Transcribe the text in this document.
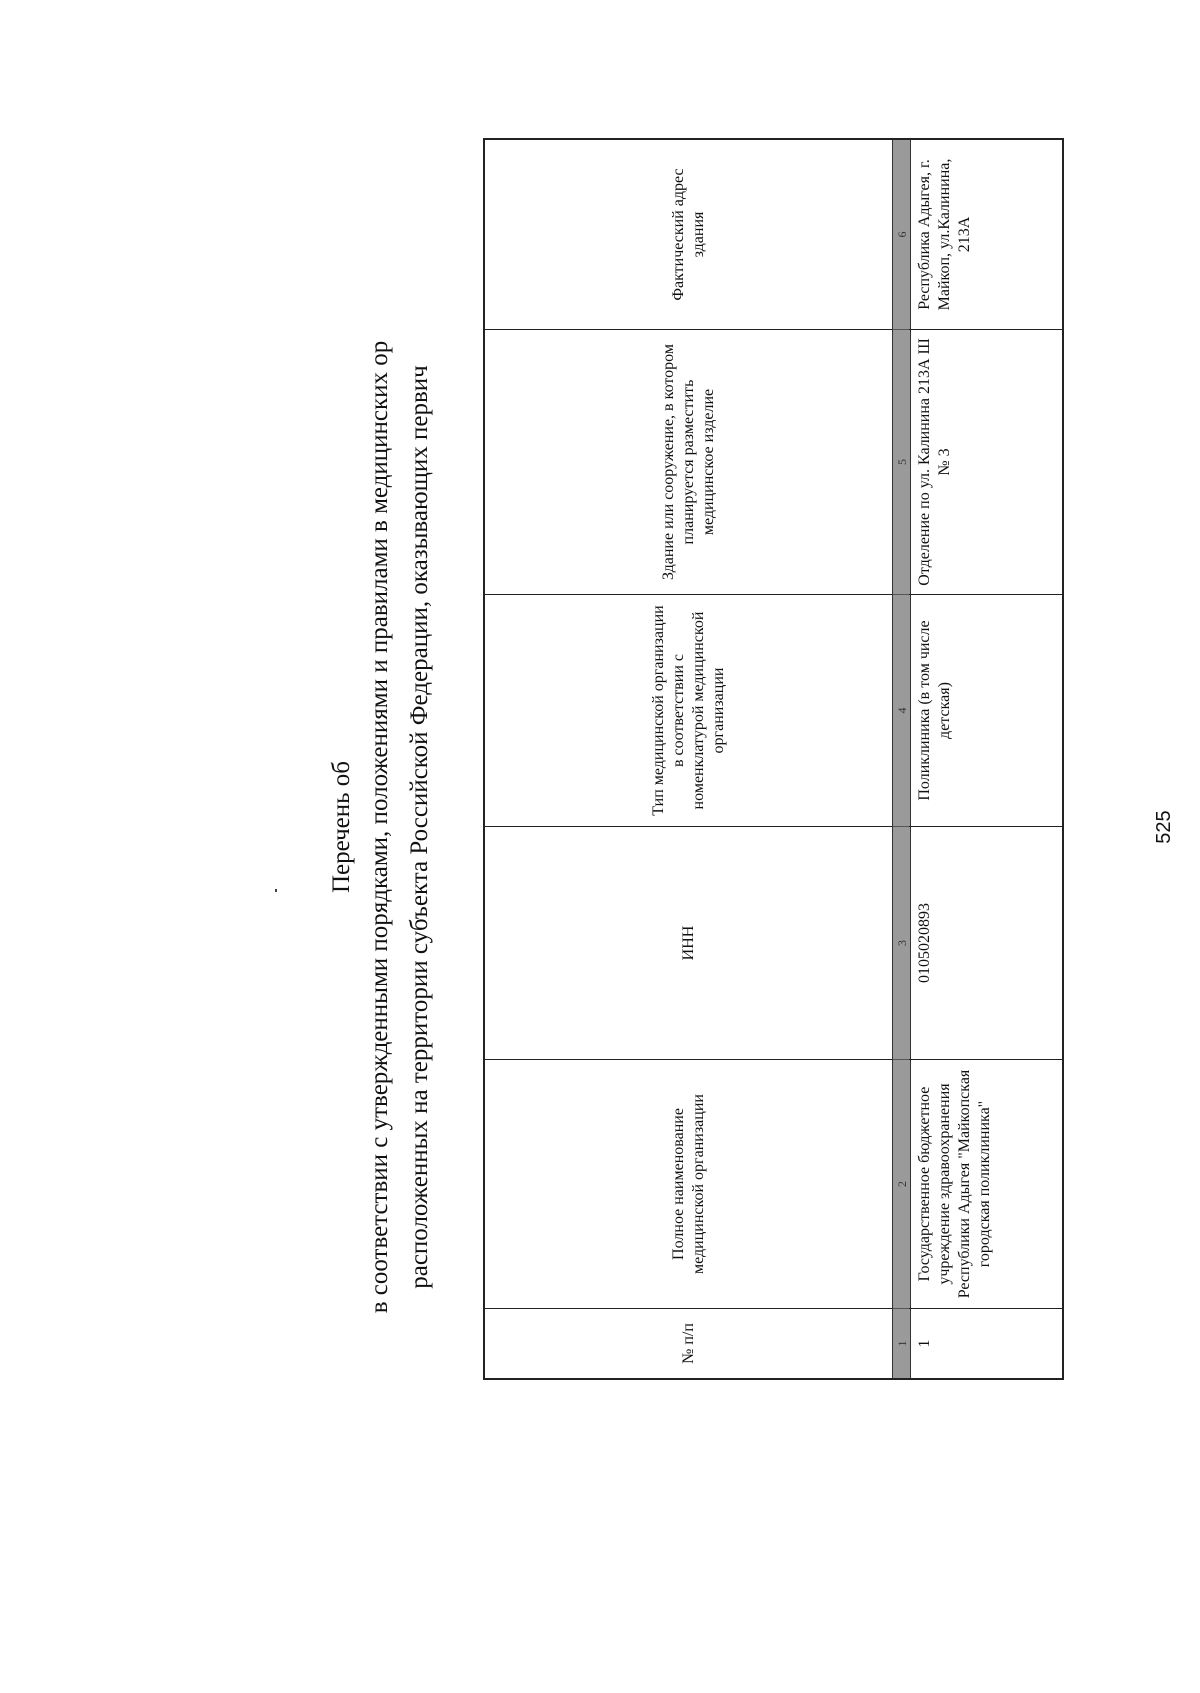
Перечень об в соответствии с утвержденными порядками, положениями и правилами в медицинских ор расположенных на территории субъекта Российской Федерации, оказывающих первич
№ п/п
Полное наименование медицинской организации
ИНН
Тип медицинской организации в соответствии с номенклатурой медицинской организации
Здание или сооружение, в котором планируется разместить медицинское изделие
Фактический адрес здания
1
2
3
4
5
6
1
Государственное бюджетное учреждение здравоохранения Республики Адыгея "Майкопская городская поликлиника"
0105020893
Поликлиника (в том числе детская)
Отделение по ул. Калинина 213А Ш № 3
Республика Адыгея, г. Майкоп, ул.Калинина, 213А
525
